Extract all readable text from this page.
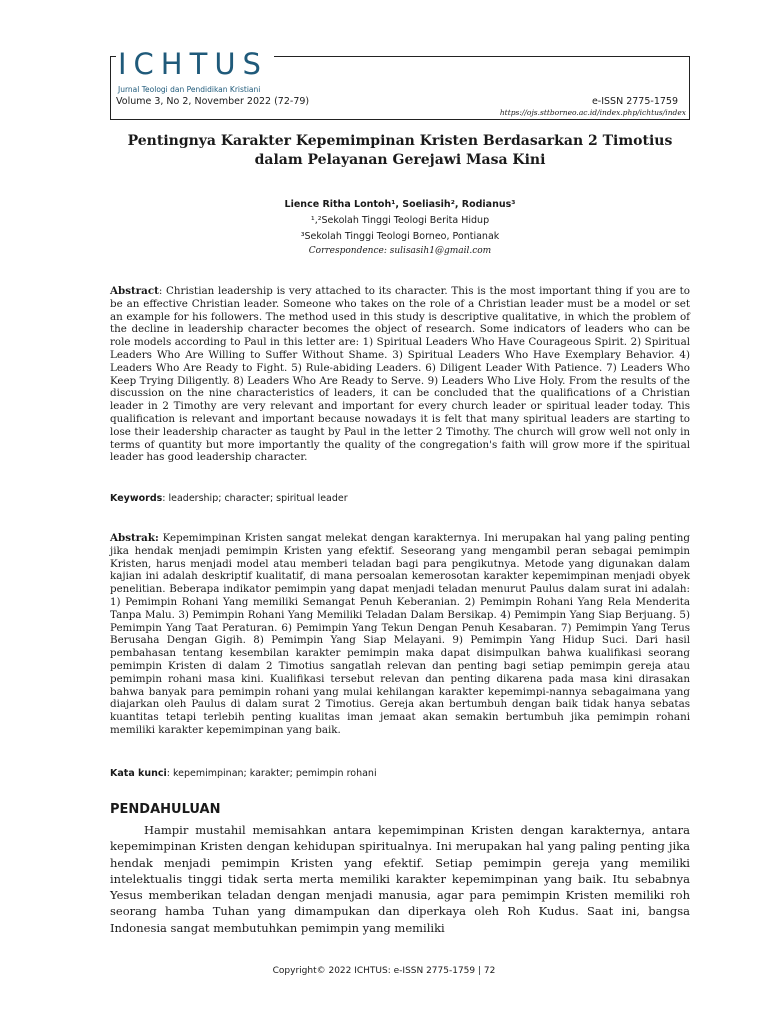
ICHTUS
Jurnal Teologi dan Pendidikan Kristiani
Volume 3, No 2, November 2022 (72-79)	e-ISSN 2775-1759
https://ojs.sttborneo.ac.id/index.php/ichtus/index
Pentingnya Karakter Kepemimpinan Kristen Berdasarkan 2 Timotius dalam Pelayanan Gerejawi Masa Kini
Lience Ritha Lontoh¹, Soeliasih², Rodianus³
¹,²Sekolah Tinggi Teologi Berita Hidup
³Sekolah Tinggi Teologi Borneo, Pontianak
Correspondence: sulisasih1@gmail.com
Abstract: Christian leadership is very attached to its character. This is the most important thing if you are to be an effective Christian leader. Someone who takes on the role of a Christian leader must be a model or set an example for his followers. The method used in this study is descriptive qualitative, in which the problem of the decline in leadership character becomes the object of research. Some indicators of leaders who can be role models according to Paul in this letter are: 1) Spiritual Leaders Who Have Courageous Spirit. 2) Spiritual Leaders Who Are Willing to Suffer Without Shame. 3) Spiritual Leaders Who Have Exemplary Behavior. 4) Leaders Who Are Ready to Fight. 5) Rule-abiding Leaders. 6) Diligent Leader With Patience. 7) Leaders Who Keep Trying Diligently. 8) Leaders Who Are Ready to Serve. 9) Leaders Who Live Holy. From the results of the discussion on the nine characteristics of leaders, it can be concluded that the qualifications of a Christian leader in 2 Timothy are very relevant and important for every church leader or spiritual leader today. This qualification is relevant and important because nowadays it is felt that many spiritual leaders are starting to lose their leadership character as taught by Paul in the letter 2 Timothy. The church will grow well not only in terms of quantity but more importantly the quality of the congregation's faith will grow more if the spiritual leader has good leadership character.
Keywords: leadership; character; spiritual leader
Abstrak: Kepemimpinan Kristen sangat melekat dengan karakternya. Ini merupakan hal yang paling penting jika hendak menjadi pemimpin Kristen yang efektif. Seseorang yang mengambil peran sebagai pemimpin Kristen, harus menjadi model atau memberi teladan bagi para pengikutnya. Metode yang digunakan dalam kajian ini adalah deskriptif kualitatif, di mana persoalan kemerosotan karakter kepemimpinan menjadi obyek penelitian. Beberapa indikator pemimpin yang dapat menjadi teladan menurut Paulus dalam surat ini adalah: 1) Pemimpin Rohani Yang memiliki Semangat Penuh Keberanian. 2) Pemimpin Rohani Yang Rela Menderita Tanpa Malu. 3) Pemimpin Rohani Yang Memiliki Teladan Dalam Bersikap. 4) Pemimpin Yang Siap Berjuang. 5) Pemimpin Yang Taat Peraturan. 6) Pemimpin Yang Tekun Dengan Penuh Kesabaran. 7) Pemimpin Yang Terus Berusaha Dengan Gigih. 8) Pemimpin Yang Siap Melayani. 9) Pemimpin Yang Hidup Suci. Dari hasil pembahasan tentang kesembilan karakter pemimpin maka dapat disimpulkan bahwa kualifikasi seorang pemimpin Kristen di dalam 2 Timotius sangatlah relevan dan penting bagi setiap pemimpin gereja atau pemimpin rohani masa kini. Kualifikasi tersebut relevan dan penting dikarena pada masa kini dirasakan bahwa banyak para pemimpin rohani yang mulai kehilangan karakter kepemimpi-nannya sebagaimana yang diajarkan oleh Paulus di dalam surat 2 Timotius. Gereja akan bertumbuh dengan baik tidak hanya sebatas kuantitas tetapi terlebih penting kualitas iman jemaat akan semakin bertumbuh jika pemimpin rohani memiliki karakter kepemimpinan yang baik.
Kata kunci: kepemimpinan; karakter; pemimpin rohani
PENDAHULUAN
Hampir mustahil memisahkan antara kepemimpinan Kristen dengan karakternya, antara kepemimpinan Kristen dengan kehidupan spiritualnya. Ini merupakan hal yang paling penting jika hendak menjadi pemimpin Kristen yang efektif. Setiap pemimpin gereja yang memiliki intelektualis tinggi tidak serta merta memiliki karakter kepemimpinan yang baik. Itu sebabnya Yesus memberikan teladan dengan menjadi manusia, agar para pemimpin Kristen memiliki roh seorang hamba Tuhan yang dimampukan dan diperkaya oleh Roh Kudus. Saat ini, bangsa Indonesia sangat membutuhkan pemimpin yang memiliki
Copyright© 2022 ICHTUS: e-ISSN 2775-1759 | 72
